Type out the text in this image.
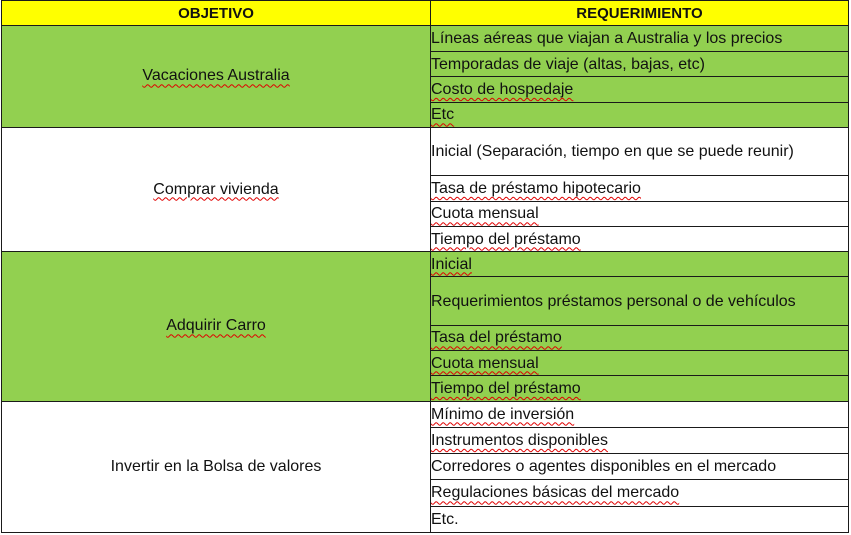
OBJETIVO	REQUERIMIENTO
Vacaciones Australia	Líneas aéreas que viajan a Australia y los precios
	Temporadas de viaje (altas, bajas, etc)
	Costo de hospedaje
	Etc
Comprar vivienda	Inicial (Separación, tiempo en que se puede reunir)
	Tasa de préstamo hipotecario
	Cuota mensual
	Tiempo del préstamo
Adquirir Carro	Inicial
	Requerimientos préstamos personal o de vehículos
	Tasa del préstamo
	Cuota mensual
	Tiempo del préstamo
Invertir en la Bolsa de valores	Mínimo de inversión
	Instrumentos disponibles
	Corredores o agentes disponibles en el mercado
	Regulaciones básicas del mercado
	Etc.
